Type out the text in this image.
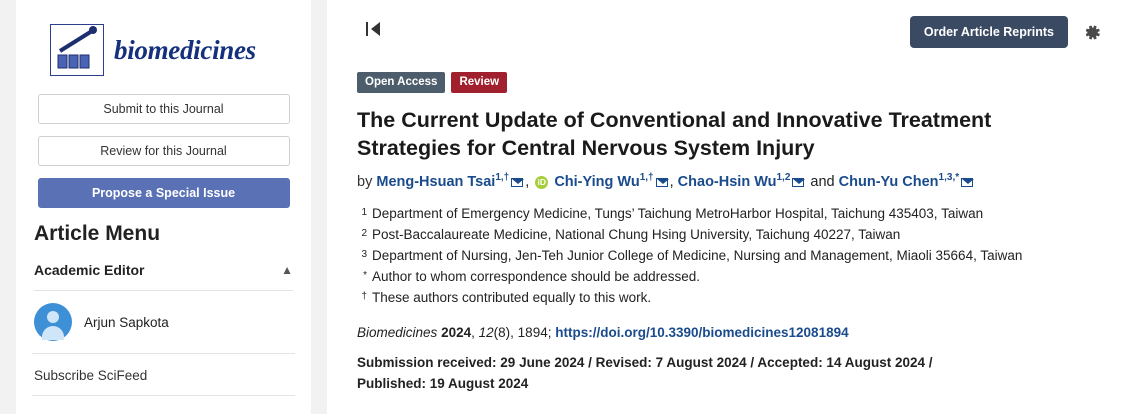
biomedicines
Submit to this Journal
Review for this Journal
Propose a Special Issue
Article Menu
Academic Editor	▲
Arjun Sapkota
Subscribe SciFeed
Order Article Reprints
Open Access	Review
The Current Update of Conventional and Innovative Treatment Strategies for Central Nervous System Injury
by Meng-Hsuan Tsai$^{1,\dagger}$ , iD Chi-Ying $Wu^{1,\dagger}$ , Chao-Hsin Wu$^{1,2}$ and Chun-Yu Chen$^{1,3,*}$
1 Department of Emergency Medicine, Tungs’ Taichung MetroHarbor Hospital, Taichung 435403, Taiwan
2 Post-Baccalaureate Medicine, National Chung Hsing University, Taichung 40227, Taiwan
3 Department of Nursing, Jen-Teh Junior College of Medicine, Nursing and Management, Miaoli 35664, Taiwan
* Author to whom correspondence should be addressed.
† These authors contributed equally to this work.
Biomedicines 2024, 12(8), 1894; https://doi.org/10.3390/biomedicines12081894
Submission received: 29 June 2024 / Revised: 7 August 2024 / Accepted: 14 August 2024 / Published: 19 August 2024
